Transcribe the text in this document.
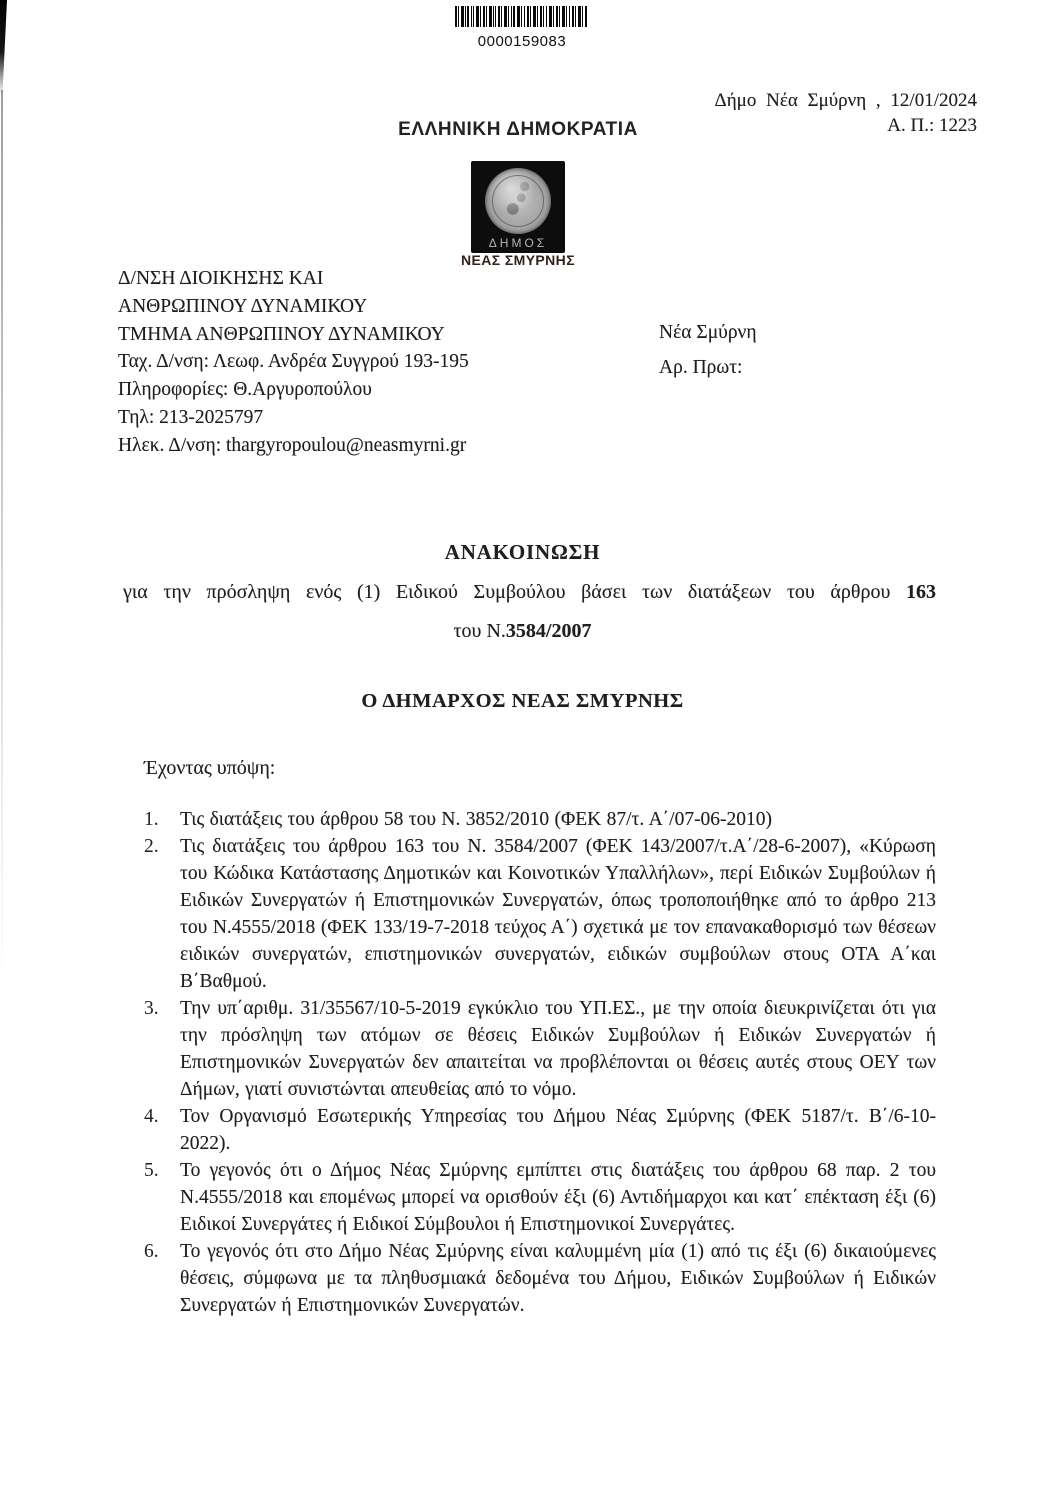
0000159083
ΕΛΛΗΝΙΚΗ ΔΗΜΟΚΡΑΤΙΑ
Δήμο Νέα Σμύρνη , 12/01/2024
Α. Π.: 1223
ΔΗΜΟΣ
ΝΕΑΣ ΣΜΥΡΝΗΣ
Δ/ΝΣΗ ΔΙΟΙΚΗΣΗΣ ΚΑΙ
ΑΝΘΡΩΠΙΝΟΥ ΔΥΝΑΜΙΚΟΥ
ΤΜΗΜΑ ΑΝΘΡΩΠΙΝΟΥ ΔΥΝΑΜΙΚΟΥ
Ταχ. Δ/νση: Λεωφ. Ανδρέα Συγγρού 193-195
Πληροφορίες: Θ.Αργυροπούλου
Τηλ: 213-2025797
Ηλεκ. Δ/νση: thargyropoulou@neasmyrni.gr
Νέα Σμύρνη
Αρ. Πρωτ:
ΑΝΑΚΟΙΝΩΣΗ
για την πρόσληψη ενός (1) Ειδικού Συμβούλου βάσει των διατάξεων του άρθρου 163
του Ν.3584/2007
Ο ΔΗΜΑΡΧΟΣ ΝΕΑΣ ΣΜΥΡΝΗΣ
Έχοντας υπόψη:
1.	Τις διατάξεις του άρθρου 58 του Ν. 3852/2010 (ΦΕΚ 87/τ. Α΄/07-06-2010)
2.	Τις διατάξεις του άρθρου 163 του Ν. 3584/2007 (ΦΕΚ 143/2007/τ.Α΄/28-6-2007), «Κύρωση του Κώδικα Κατάστασης Δημοτικών και Κοινοτικών Υπαλλήλων», περί Ειδικών Συμβούλων ή Ειδικών Συνεργατών ή Επιστημονικών Συνεργατών, όπως τροποποιήθηκε από το άρθρο 213 του Ν.4555/2018 (ΦΕΚ 133/19-7-2018 τεύχος Α΄) σχετικά με τον επανακαθορισμό των θέσεων ειδικών συνεργατών, επιστημονικών συνεργατών, ειδικών συμβούλων στους ΟΤΑ Α΄και Β΄Βαθμού.
3.	Την υπ΄αριθμ. 31/35567/10-5-2019 εγκύκλιο του ΥΠ.ΕΣ., με την οποία διευκρινίζεται ότι για την πρόσληψη των ατόμων σε θέσεις Ειδικών Συμβούλων ή Ειδικών Συνεργατών ή Επιστημονικών Συνεργατών δεν απαιτείται να προβλέπονται οι θέσεις αυτές στους ΟΕΥ των Δήμων, γιατί συνιστώνται απευθείας από το νόμο.
4.	Τον Οργανισμό Εσωτερικής Υπηρεσίας του Δήμου Νέας Σμύρνης (ΦΕΚ 5187/τ. Β΄/6-10-2022).
5.	Το γεγονός ότι ο Δήμος Νέας Σμύρνης εμπίπτει στις διατάξεις του άρθρου 68 παρ. 2 του Ν.4555/2018 και επομένως μπορεί να ορισθούν έξι (6) Αντιδήμαρχοι και κατ΄ επέκταση έξι (6) Ειδικοί Συνεργάτες ή Ειδικοί Σύμβουλοι ή Επιστημονικοί Συνεργάτες.
6.	Το γεγονός ότι στο Δήμο Νέας Σμύρνης είναι καλυμμένη μία (1) από τις έξι (6) δικαιούμενες θέσεις, σύμφωνα με τα πληθυσμιακά δεδομένα του Δήμου, Ειδικών Συμβούλων ή Ειδικών Συνεργατών ή Επιστημονικών Συνεργατών.
